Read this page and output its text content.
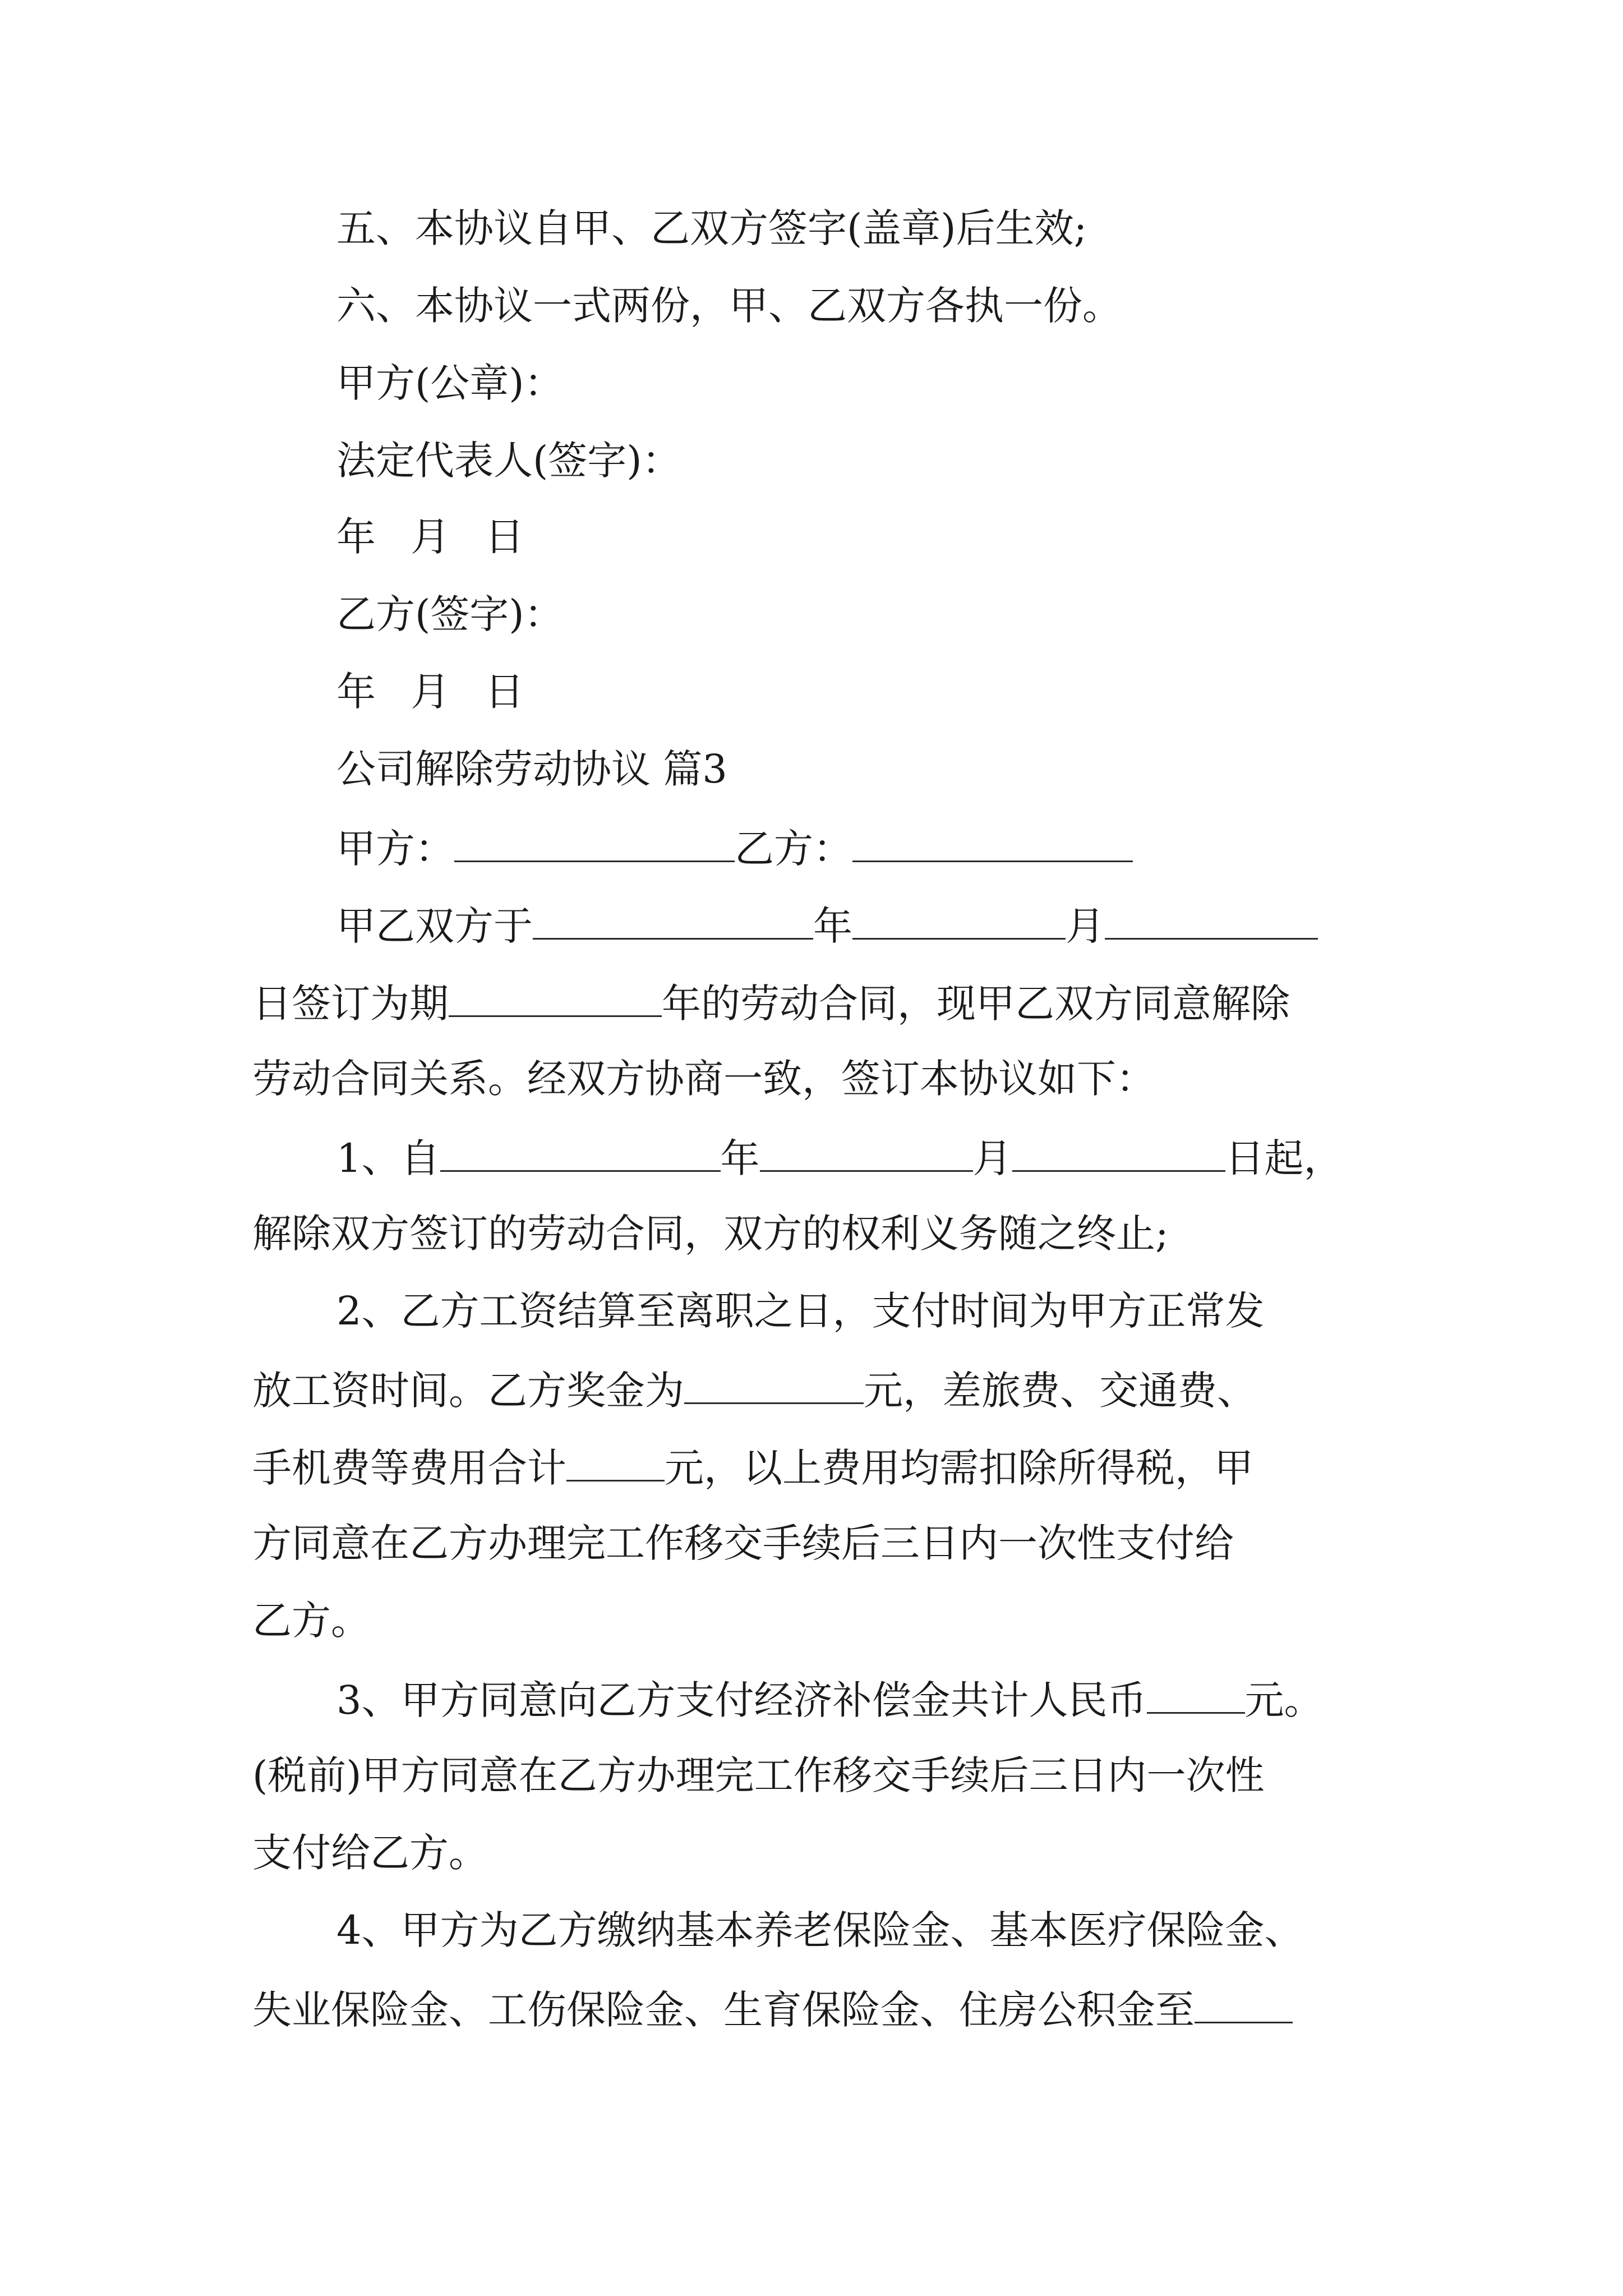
五、本协议自甲、乙双方签字(盖章)后生效;
六、本协议一式两份，甲、乙双方各执一份。
甲方(公章)：
法定代表人(签字)：
年 月 日
乙方(签字)：
年 月 日
公司解除劳动协议 篇3
甲方：	乙方：
甲乙双方于	年	月
日签订为期	年的劳动合同，现甲乙双方同意解除
劳动合同关系。经双方协商一致，签订本协议如下：
1、自	年	月	日起，
解除双方签订的劳动合同，双方的权利义务随之终止;
2、乙方工资结算至离职之日，支付时间为甲方正常发
放工资时间。乙方奖金为	元，差旅费、交通费、
手机费等费用合计	元，以上费用均需扣除所得税，甲
方同意在乙方办理完工作移交手续后三日内一次性支付给
乙方。
3、甲方同意向乙方支付经济补偿金共计人民币	元。
(税前)甲方同意在乙方办理完工作移交手续后三日内一次性
支付给乙方。
4、甲方为乙方缴纳基本养老保险金、基本医疗保险金、
失业保险金、工伤保险金、生育保险金、住房公积金至
